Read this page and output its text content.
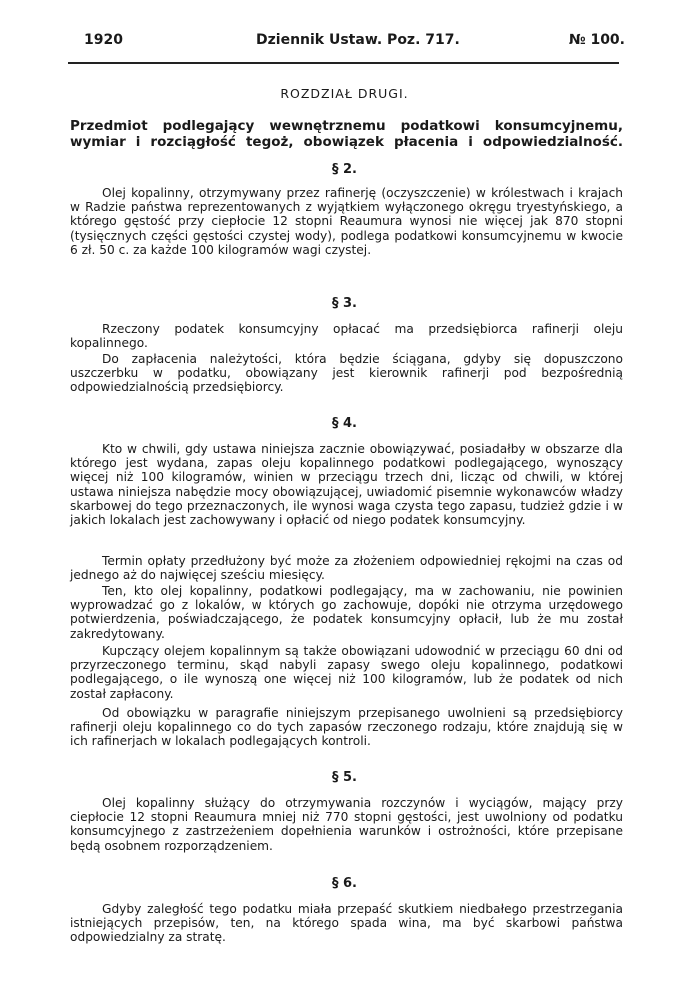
1920	Dziennik Ustaw. Poz. 717.	№ 100.
ROZDZIAŁ DRUGI.
Przedmiot podlegający wewnętrznemu podatkowi konsumcyjnemu, wymiar i rozciągłość tegoż, obowiązek płacenia i odpowiedzialność.
§ 2.
Olej kopalinny, otrzymywany przez rafinerję (oczyszczenie) w królestwach i krajach w Radzie państwa reprezentowanych z wyjątkiem wyłączonego okręgu tryestyńskiego, a którego gęstość przy ciepłocie 12 stopni Reaumura wynosi nie więcej jak 870 stopni (tysięcznych części gęstości czystej wody), podlega podatkowi konsumcyjnemu w kwocie 6 zł. 50 c. za każde 100 kilogramów wagi czystej.
§ 3.
Rzeczony podatek konsumcyjny opłacać ma przedsiębiorca rafinerji oleju kopalinnego.
Do zapłacenia należytości, która będzie ściągana, gdyby się dopuszczono uszczerbku w podatku, obowiązany jest kierownik rafinerji pod bezpośrednią odpowiedzialnością przedsiębiorcy.
§ 4.
Kto w chwili, gdy ustawa niniejsza zacznie obowiązywać, posiadałby w obszarze dla którego jest wydana, zapas oleju kopalinnego podatkowi podlegającego, wynoszący więcej niż 100 kilogramów, winien w przeciągu trzech dni, licząc od chwili, w której ustawa niniejsza nabędzie mocy obowiązującej, uwiadomić pisemnie wykonawców władzy skarbowej do tego przeznaczonych, ile wynosi waga czysta tego zapasu, tudzież gdzie i w jakich lokalach jest zachowywany i opłacić od niego podatek konsumcyjny.
Termin opłaty przedłużony być może za złożeniem odpowiedniej rękojmi na czas od jednego aż do najwięcej sześciu miesięcy.
Ten, kto olej kopalinny, podatkowi podlegający, ma w zachowaniu, nie powinien wyprowadzać go z lokalów, w których go zachowuje, dopóki nie otrzyma urzędowego potwierdzenia, poświadczającego, że podatek konsumcyjny opłacił, lub że mu został zakredytowany.
Kupczący olejem kopalinnym są także obowiązani udowodnić w przeciągu 60 dni od przyrzeczonego terminu, skąd nabyli zapasy swego oleju kopalinnego, podatkowi podlegającego, o ile wynoszą one więcej niż 100 kilogramów, lub że podatek od nich został zapłacony.
Od obowiązku w paragrafie niniejszym przepisanego uwolnieni są przedsiębiorcy rafinerji oleju kopalinnego co do tych zapasów rzeczonego rodzaju, które znajdują się w ich rafinerjach w lokalach podlegających kontroli.
§ 5.
Olej kopalinny służący do otrzymywania rozczynów i wyciągów, mający przy ciepłocie 12 stopni Reaumura mniej niż 770 stopni gęstości, jest uwolniony od podatku konsumcyjnego z zastrzeżeniem dopełnienia warunków i ostrożności, które przepisane będą osobnem rozporządzeniem.
§ 6.
Gdyby zaległość tego podatku miała przepaść skutkiem niedbałego przestrzegania istniejących przepisów, ten, na którego spada wina, ma być skarbowi państwa odpowiedzialny za stratę.
